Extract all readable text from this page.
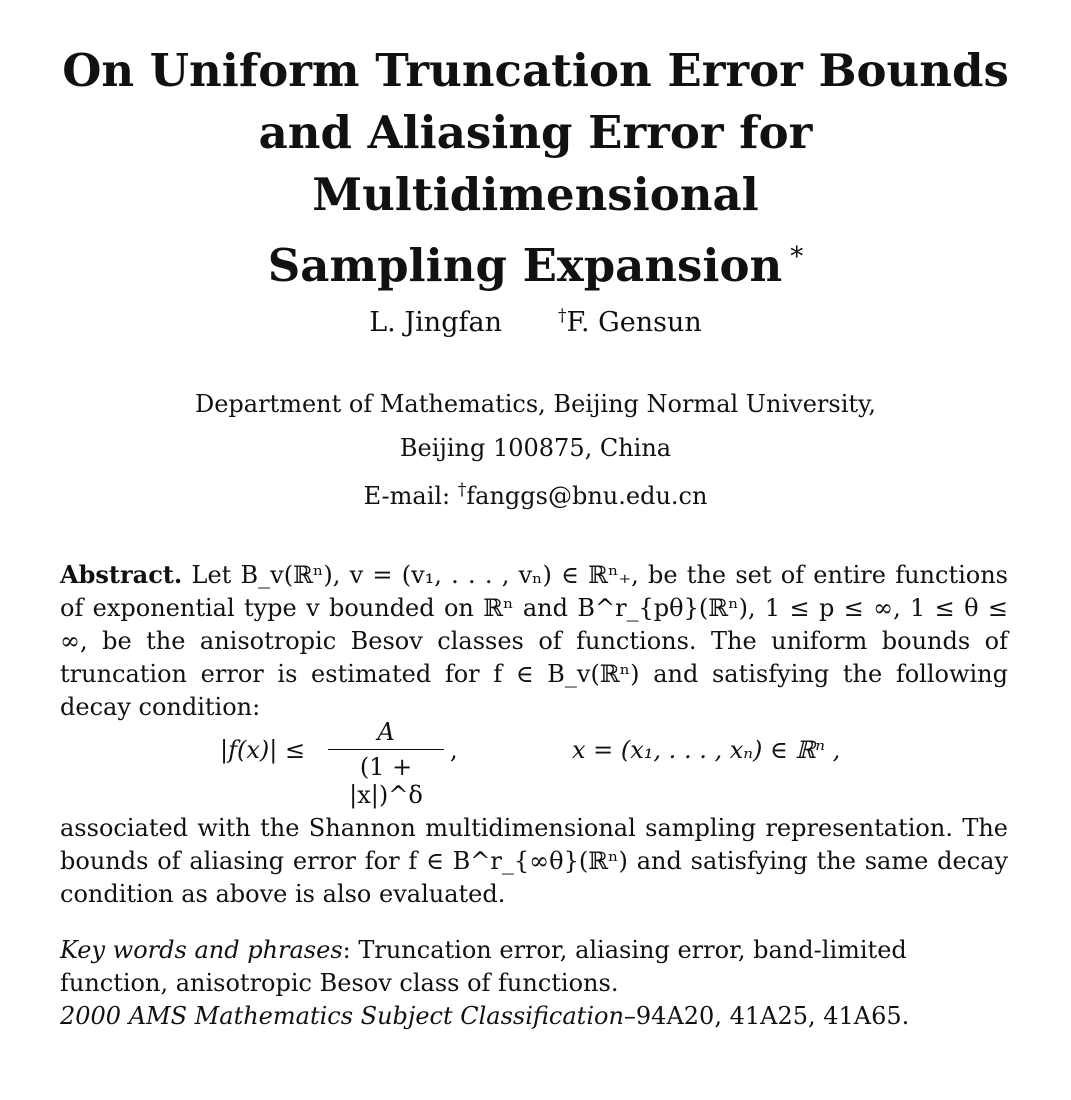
On Uniform Truncation Error Bounds
and Aliasing Error for Multidimensional
Sampling Expansion *
L. Jingfan	†F. Gensun
Department of Mathematics, Beijing Normal University,
Beijing 100875, China
E-mail: †fanggs@bnu.edu.cn
Abstract. Let B_v(ℝⁿ), v = (v₁, . . . , vₙ) ∈ ℝⁿ₊, be the set of entire functions of exponential type v bounded on ℝⁿ and B^r_{pθ}(ℝⁿ), 1 ≤ p ≤ ∞, 1 ≤ θ ≤ ∞, be the anisotropic Besov classes of functions. The uniform bounds of truncation error is estimated for f ∈ B_v(ℝⁿ) and satisfying the following decay condition:
$|f(x)| \le \frac{A}{(1 + |x|)\^{}\delta}$ ,	x = (x₁, . . . , xₙ) ∈ ℝⁿ ,
associated with the Shannon multidimensional sampling representation. The bounds of aliasing error for f ∈ B^r_{∞θ}(ℝⁿ) and satisfying the same decay condition as above is also evaluated.
Key words and phrases: Truncation error, aliasing error, band-limited function, anisotropic Besov class of functions.
2000 AMS Mathematics Subject Classification–94A20, 41A25, 41A65.
